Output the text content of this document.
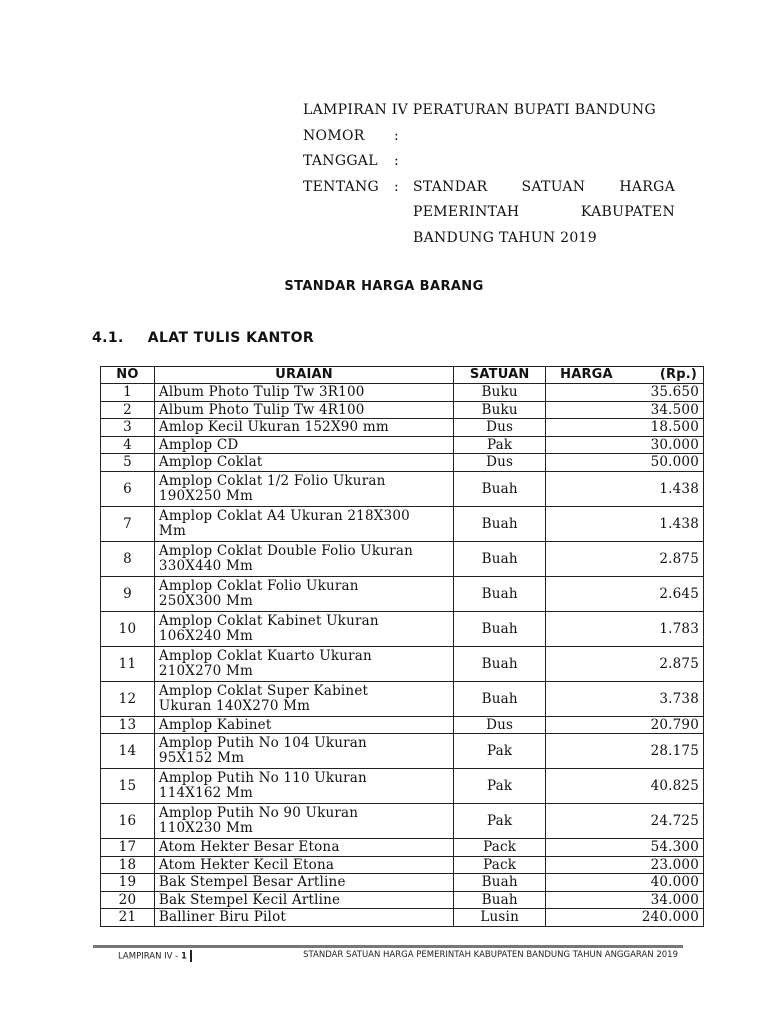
LAMPIRAN IV PERATURAN BUPATI BANDUNG
NOMOR :
TANGGAL :
TENTANG : STANDAR SATUAN HARGA
PEMERINTAH	KABUPATEN
BANDUNG TAHUN 2019
STANDAR HARGA BARANG
4.1. ALAT TULIS KANTOR
NO	URAIAN	SATUAN	HARGA (Rp.)

1	Album Photo Tulip Tw 3R100	Buku	35.650
2	Album Photo Tulip Tw 4R100	Buku	34.500
3	Amlop Kecil Ukuran 152X90 mm	Dus	18.500
4	Amplop CD	Pak	30.000
5	Amplop Coklat	Dus	50.000
6	Amplop Coklat 1/2 Folio Ukuran
190X250 Mm	Buah	1.438
7	Amplop Coklat A4 Ukuran 218X300
Mm	Buah	1.438
8	Amplop Coklat Double Folio Ukuran
330X440 Mm	Buah	2.875
9	Amplop Coklat Folio Ukuran
250X300 Mm	Buah	2.645
10	Amplop Coklat Kabinet Ukuran
106X240 Mm	Buah	1.783
11	Amplop Coklat Kuarto Ukuran
210X270 Mm	Buah	2.875
12	Amplop Coklat Super Kabinet
Ukuran 140X270 Mm	Buah	3.738
13	Amplop Kabinet	Dus	20.790
14	Amplop Putih No 104 Ukuran
95X152 Mm	Pak	28.175
15	Amplop Putih No 110 Ukuran
114X162 Mm	Pak	40.825
16	Amplop Putih No 90 Ukuran
110X230 Mm	Pak	24.725
17	Atom Hekter Besar Etona	Pack	54.300
18	Atom Hekter Kecil Etona	Pack	23.000
19	Bak Stempel Besar Artline	Buah	40.000
20	Bak Stempel Kecil Artline	Buah	34.000
21	Balliner Biru Pilot	Lusin	240.000
LAMPIRAN IV - 1	STANDAR SATUAN HARGA PEMERINTAH KABUPATEN BANDUNG TAHUN ANGGARAN 2019
